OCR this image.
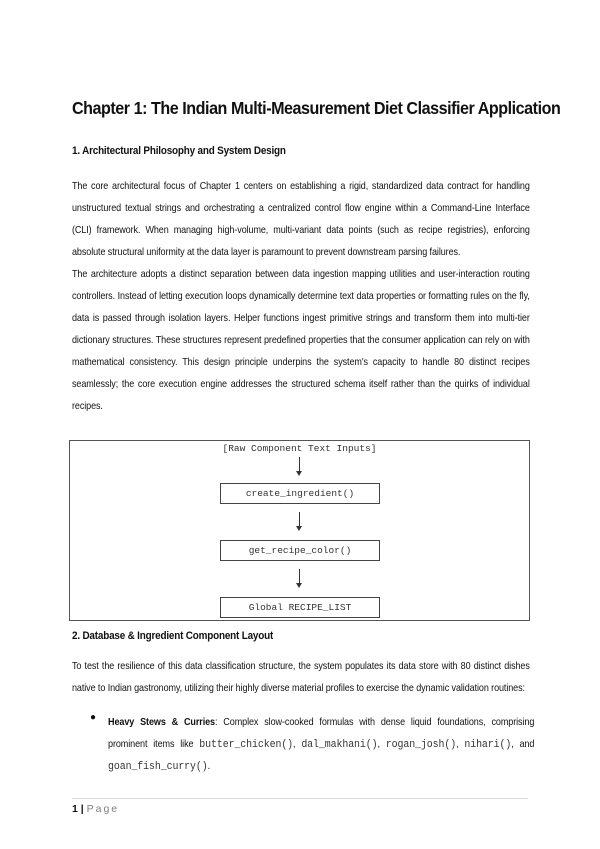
Chapter 1: The Indian Multi-Measurement Diet Classifier Application
1. Architectural Philosophy and System Design

The core architectural focus of Chapter 1 centers on establishing a rigid, standardized data contract for handling unstructured textual strings and orchestrating a centralized control flow engine within a Command-Line Interface (CLI) framework. When managing high-volume, multi-variant data points (such as recipe registries), enforcing absolute structural uniformity at the data layer is paramount to prevent downstream parsing failures.

The architecture adopts a distinct separation between data ingestion mapping utilities and user-interaction routing controllers. Instead of letting execution loops dynamically determine text data properties or formatting rules on the fly, data is passed through isolation layers. Helper functions ingest primitive strings and transform them into multi-tier dictionary structures. These structures represent predefined properties that the consumer application can rely on with mathematical consistency. This design principle underpins the system's capacity to handle 80 distinct recipes seamlessly; the core execution engine addresses the structured schema itself rather than the quirks of individual recipes.

[Raw Component Text Inputs]
create_ingredient()
get_recipe_color()
Global RECIPE_LIST
2. Database & Ingredient Component Layout

To test the resilience of this data classification structure, the system populates its data store with 80 distinct dishes native to Indian gastronomy, utilizing their highly diverse material profiles to exercise the dynamic validation routines:

● Heavy Stews & Curries: Complex slow-cooked formulas with dense liquid foundations, comprising prominent items like butter_chicken(), dal_makhani(), rogan_josh(), nihari(), and goan_fish_curry().
1 | Page
